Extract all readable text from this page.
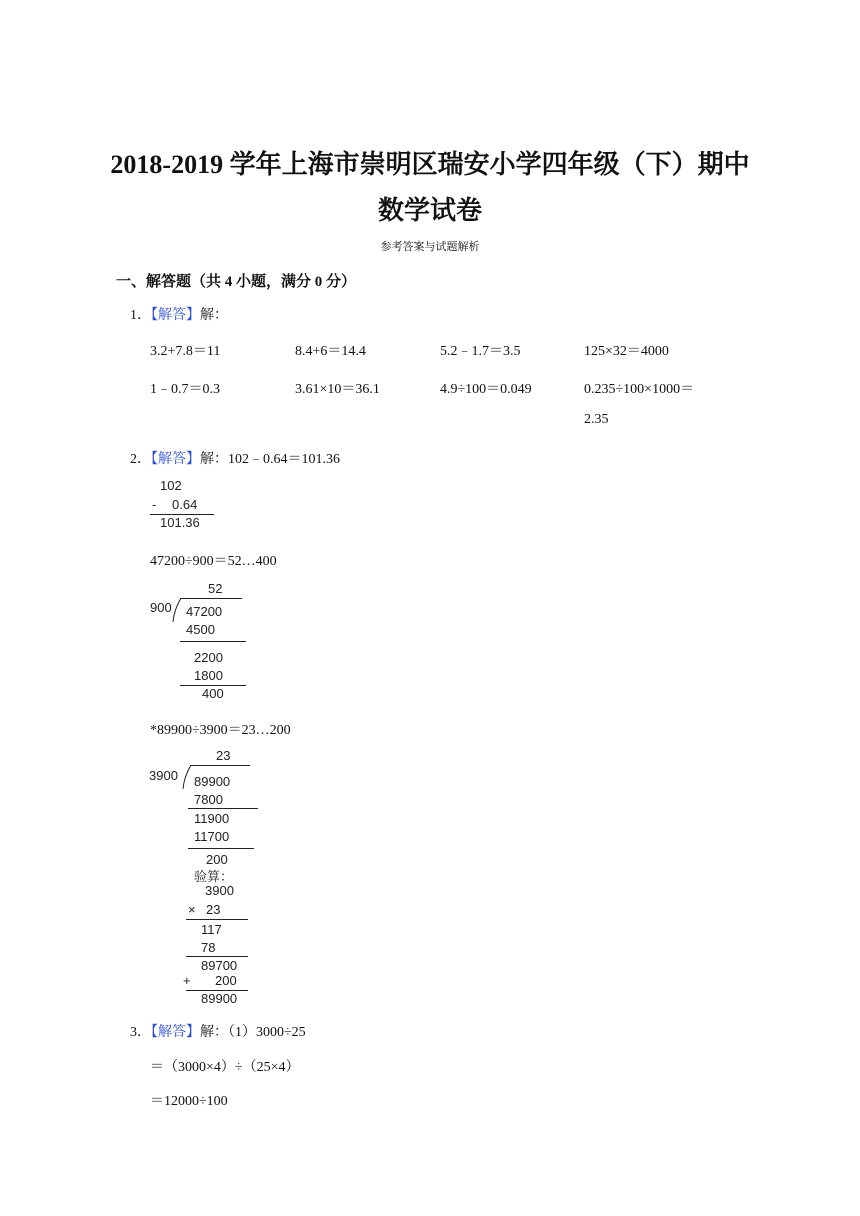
2018-2019 学年上海市崇明区瑞安小学四年级（下）期中
数学试卷
参考答案与试题解析
一、解答题（共 4 小题，满分 0 分）
1．【解答】解：
3.2+7.8＝11	8.4+6＝14.4	5.2﹣1.7＝3.5	125×32＝4000
1﹣0.7＝0.3	3.61×10＝36.1	4.9÷100＝0.049	0.235÷100×1000＝
2.35
2．【解答】解：102﹣0.64＝101.36
102
- 0.64
101.36
47200÷900＝52…400
52
900 47200
4500
2200
1800
400
*89900÷3900＝23…200
23
3900 89900
7800
11900
11700
200
验算：
3900
× 23
117
78
89700
+ 200
89900
3．【解答】解：（1）3000÷25
＝（3000×4）÷（25×4）
＝12000÷100
